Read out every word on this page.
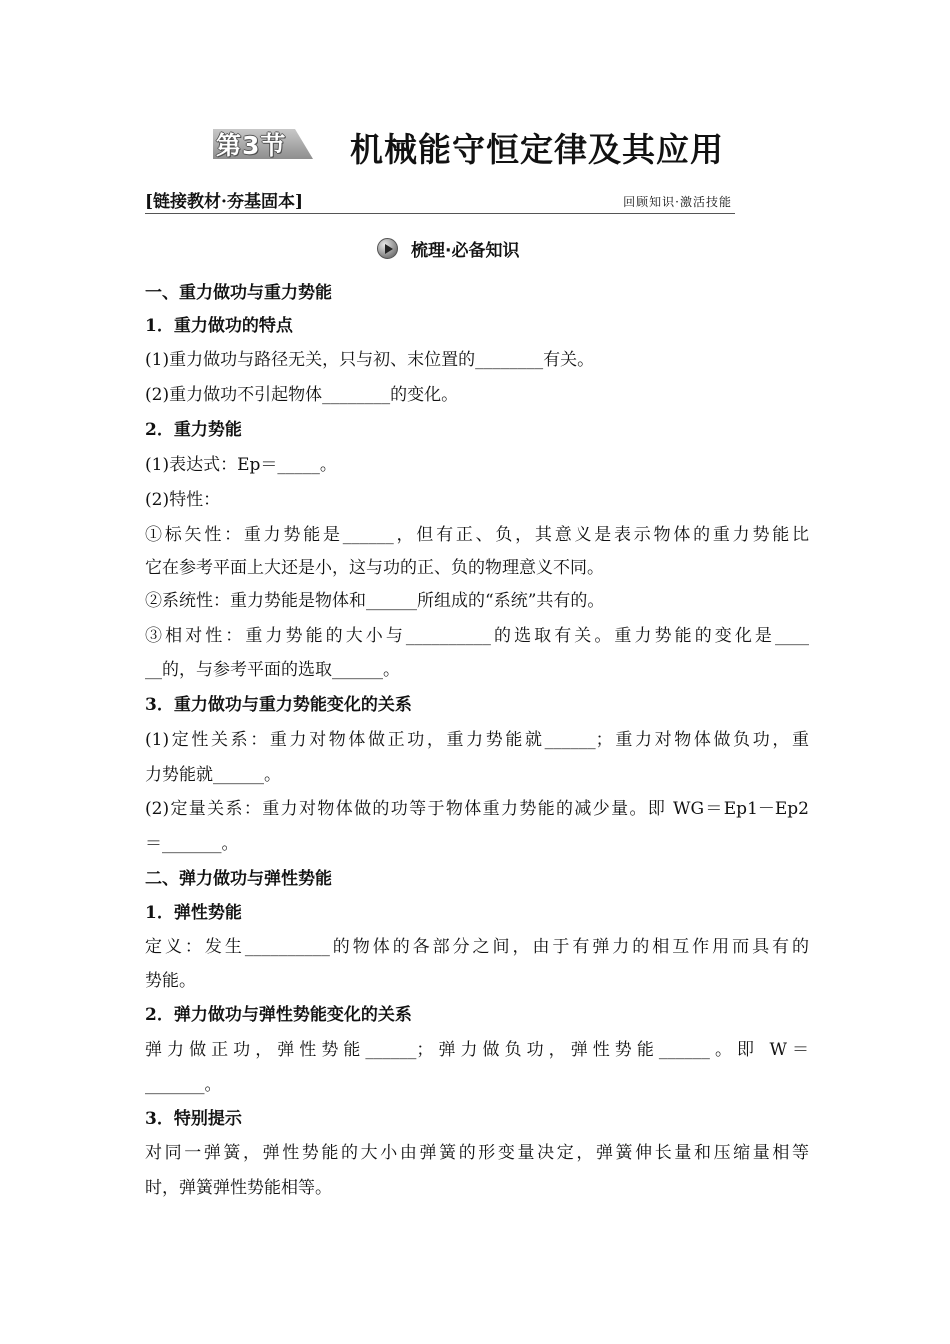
第3节	机械能守恒定律及其应用
[链接教材·夯基固本]	回顾知识·激活技能
梳理·必备知识
一、重力做功与重力势能
1．重力做功的特点
(1)重力做功与路径无关，只与初、末位置的________有关。
(2)重力做功不引起物体________的变化。
2．重力势能
(1)表达式：Ep＝_____。
(2)特性：
①标矢性：重力势能是______，但有正、负，其意义是表示物体的重力势能比
它在参考平面上大还是小，这与功的正、负的物理意义不同。
②系统性：重力势能是物体和______所组成的“系统”共有的。
③相对性：重力势能的大小与__________的选取有关。重力势能的变化是____
__的，与参考平面的选取______。
3．重力做功与重力势能变化的关系
(1)定性关系：重力对物体做正功，重力势能就______；重力对物体做负功，重
力势能就______。
(2)定量关系：重力对物体做的功等于物体重力势能的减少量。即 WG＝Ep1－Ep2
＝_______。
二、弹力做功与弹性势能
1．弹性势能
定义：发生__________的物体的各部分之间，由于有弹力的相互作用而具有的
势能。
2．弹力做功与弹性势能变化的关系
弹力做正功，弹性势能______；弹力做负功，弹性势能______。即 W＝
_______。
3．特别提示
对同一弹簧，弹性势能的大小由弹簧的形变量决定，弹簧伸长量和压缩量相等
时，弹簧弹性势能相等。
